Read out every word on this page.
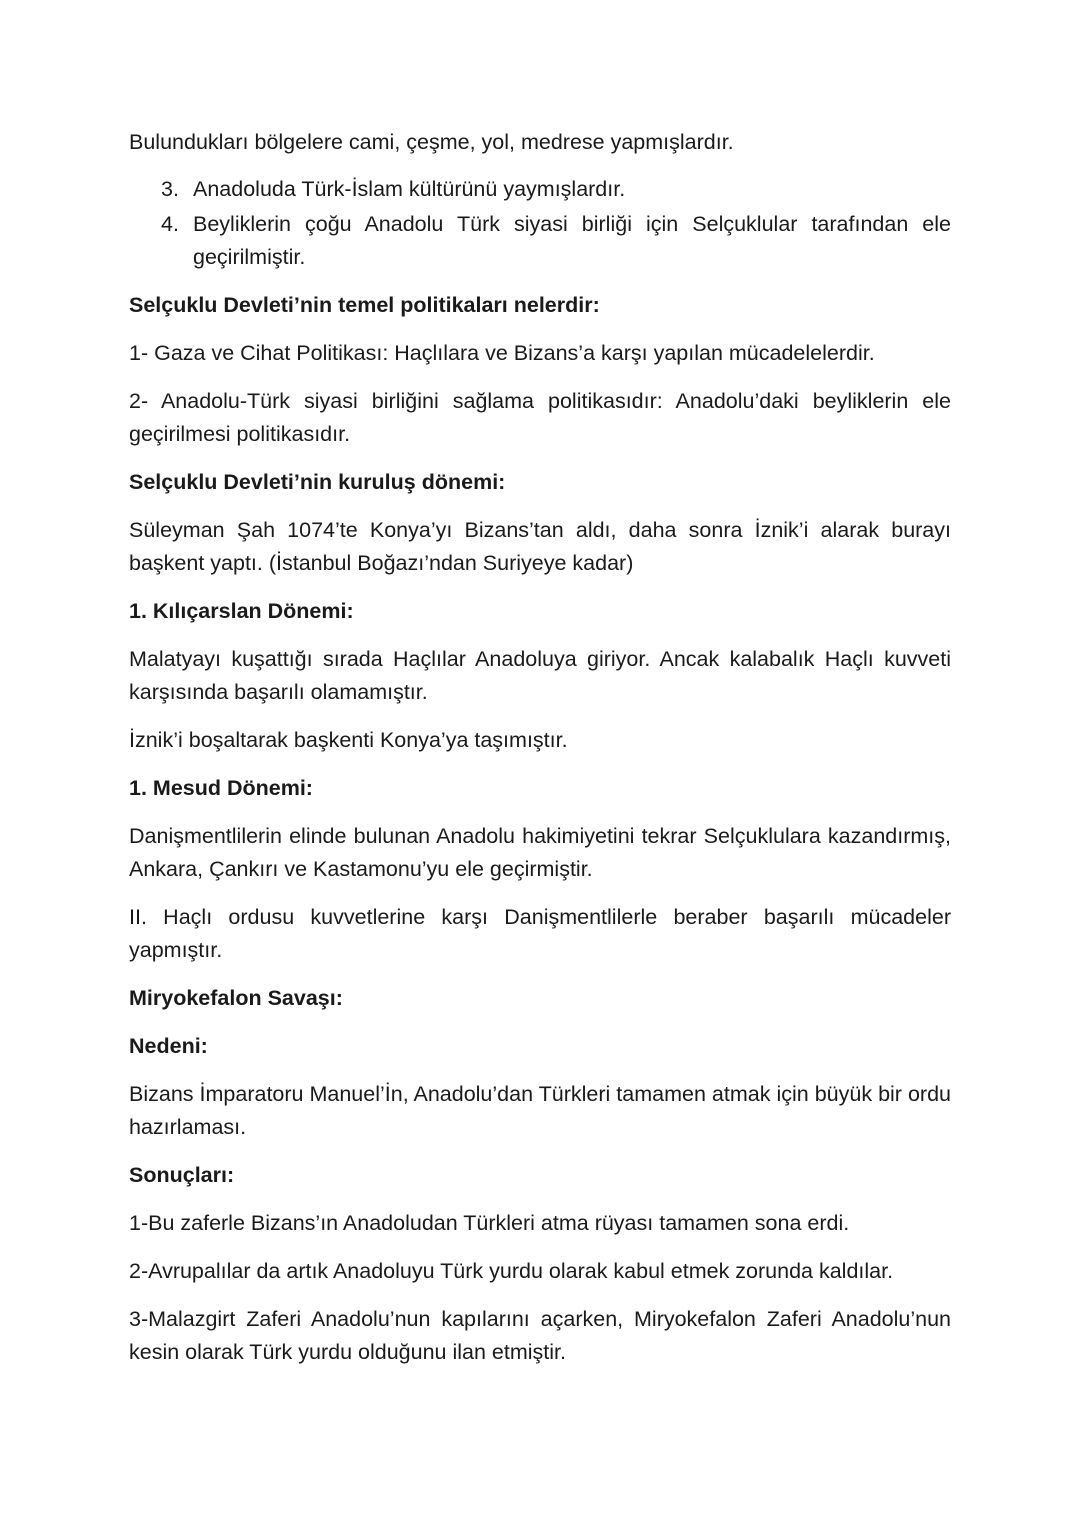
Bulundukları bölgelere cami, çeşme, yol, medrese yapmışlardır.

3. Anadoluda Türk-İslam kültürünü yaymışlardır.
4. Beyliklerin çoğu Anadolu Türk siyasi birliği için Selçuklular tarafından ele geçirilmiştir.

Selçuklu Devleti’nin temel politikaları nelerdir:

1- Gaza ve Cihat Politikası: Haçlılara ve Bizans’a karşı yapılan mücadelelerdir.

2- Anadolu-Türk siyasi birliğini sağlama politikasıdır: Anadolu’daki beyliklerin ele geçirilmesi politikasıdır.

Selçuklu Devleti’nin kuruluş dönemi:

Süleyman Şah 1074’te Konya’yı Bizans’tan aldı, daha sonra İznik’i alarak burayı başkent yaptı. (İstanbul Boğazı’ndan Suriyeye kadar)

1. Kılıçarslan Dönemi:

Malatyayı kuşattığı sırada Haçlılar Anadoluya giriyor. Ancak kalabalık Haçlı kuvveti karşısında başarılı olamamıştır.

İznik’i boşaltarak başkenti Konya’ya taşımıştır.

1. Mesud Dönemi:

Danişmentlilerin elinde bulunan Anadolu hakimiyetini tekrar Selçuklulara kazandırmış, Ankara, Çankırı ve Kastamonu’yu ele geçirmiştir.

II. Haçlı ordusu kuvvetlerine karşı Danişmentlilerle beraber başarılı mücadeler yapmıştır.

Miryokefalon Savaşı:

Nedeni:

Bizans İmparatoru Manuel’İn, Anadolu’dan Türkleri tamamen atmak için büyük bir ordu hazırlaması.

Sonuçları:

1-Bu zaferle Bizans’ın Anadoludan Türkleri atma rüyası tamamen sona erdi.

2-Avrupalılar da artık Anadoluyu Türk yurdu olarak kabul etmek zorunda kaldılar.

3-Malazgirt Zaferi Anadolu’nun kapılarını açarken, Miryokefalon Zaferi Anadolu’nun kesin olarak Türk yurdu olduğunu ilan etmiştir.
